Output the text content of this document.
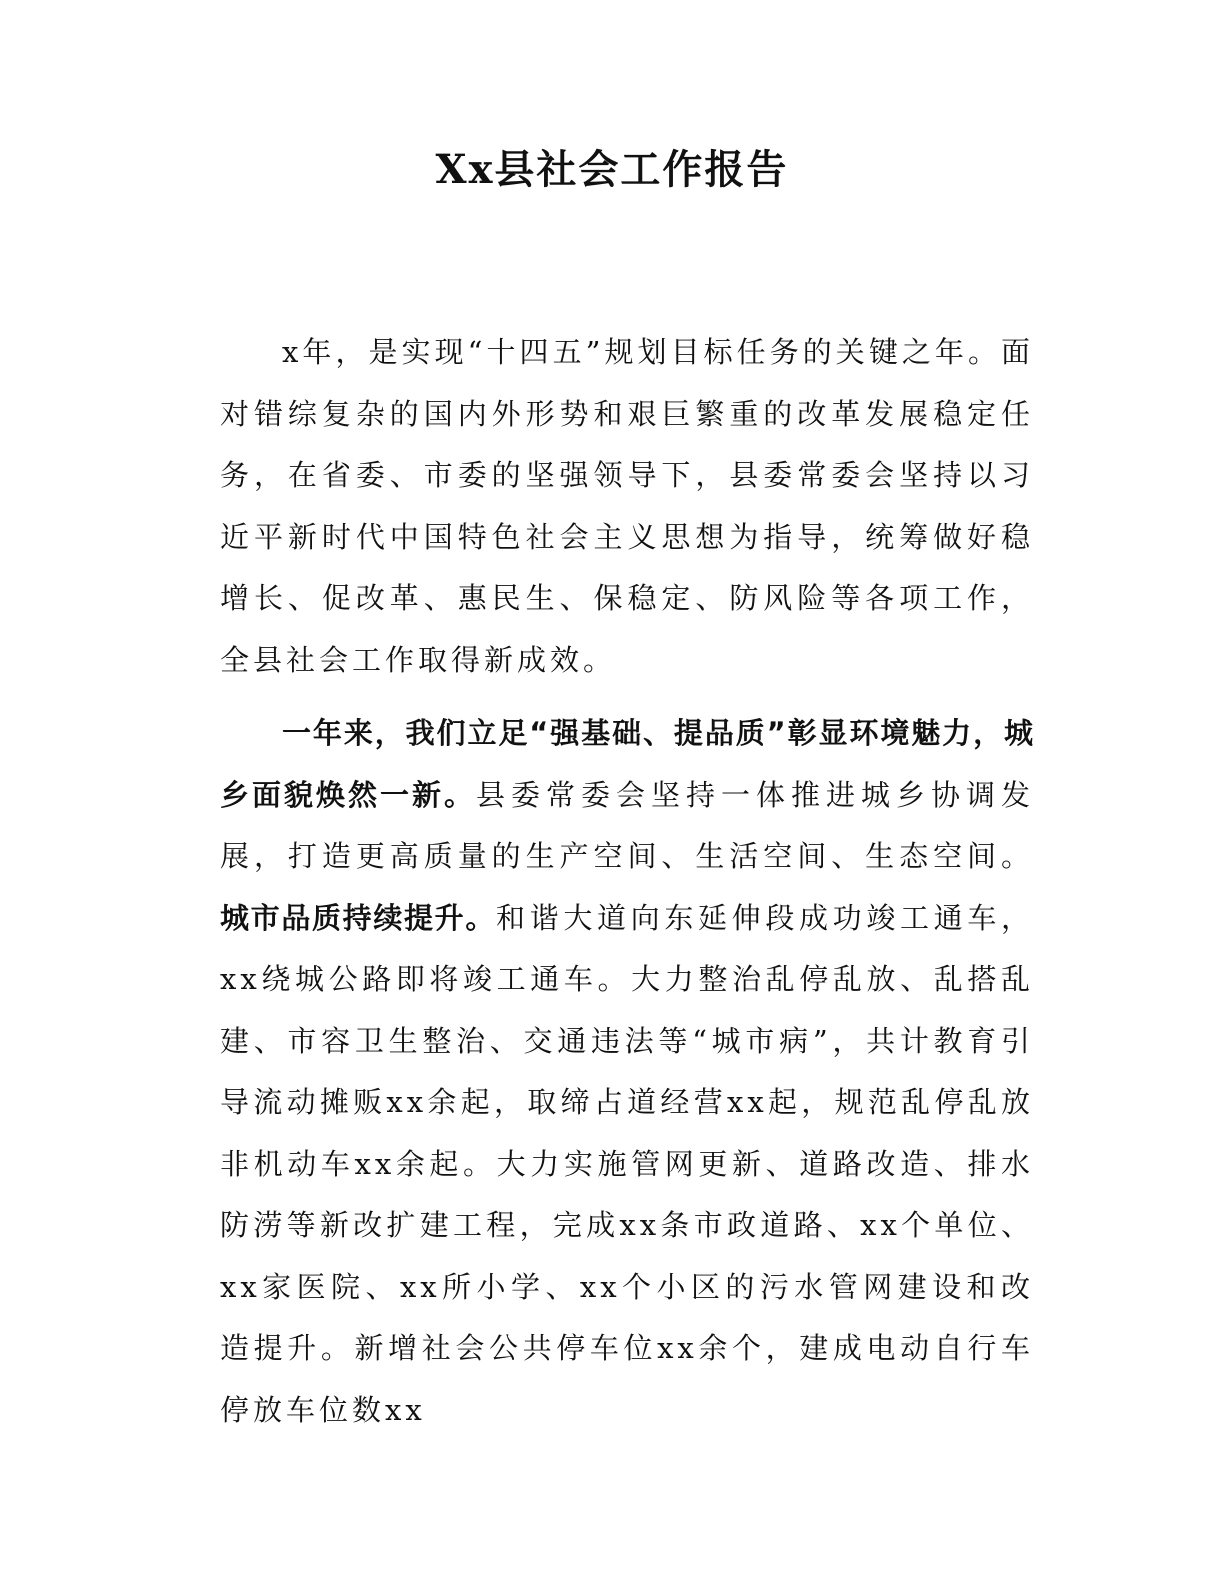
Xx县社会工作报告

x年，是实现“十四五”规划目标任务的关键之年。面对错综复杂的国内外形势和艰巨繁重的改革发展稳定任务，在省委、市委的坚强领导下，县委常委会坚持以习近平新时代中国特色社会主义思想为指导，统筹做好稳增长、促改革、惠民生、保稳定、防风险等各项工作，全县社会工作取得新成效。

一年来，我们立足“强基础、提品质”彰显环境魅力，城乡面貌焕然一新。县委常委会坚持一体推进城乡协调发展，打造更高质量的生产空间、生活空间、生态空间。城市品质持续提升。和谐大道向东延伸段成功竣工通车，xx绕城公路即将竣工通车。大力整治乱停乱放、乱搭乱建、市容卫生整治、交通违法等“城市病”，共计教育引导流动摊贩xx余起，取缔占道经营xx起，规范乱停乱放非机动车xx余起。大力实施管网更新、道路改造、排水防涝等新改扩建工程，完成xx条市政道路、xx个单位、xx家医院、xx所小学、xx个小区的污水管网建设和改造提升。新增社会公共停车位xx余个，建成电动自行车停放车位数xx
